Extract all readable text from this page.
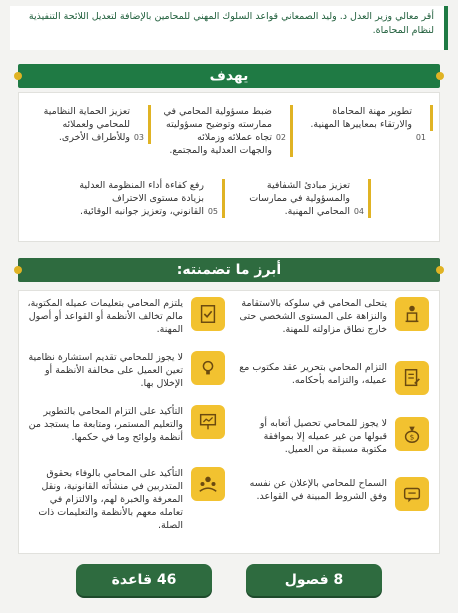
أقر معالي وزير العدل د. وليد الصمعاني قواعد السلوك المهني للمحامين بالإضافة لتعديل اللائحة التنفيذية لنظام المحاماة.
يهدف
01
تطوير مهنة المحاماة والارتقاء بمعاييرها المهنية.
02
ضبط مسؤولية المحامي في ممارسته وتوضيح مسؤوليته تجاه عملائه وزملائه والجهات العدلية والمجتمع.
03
تعزيز الحماية النظامية للمحامي ولعملائه وللأطراف الأخرى.
04
تعزيز مبادئ الشفافية والمسؤولية في ممارسات المحامي المهنية.
05
رفع كفاءة أداء المنظومة العدلية بزيادة مستوى الاحتراف القانوني، وتعزيز جوانبه الوقائية.
أبرز ما تضمنته:
يتحلى المحامي في سلوكه بالاستقامة والنزاهة على المستوى الشخصي حتى خارج نطاق مزاولته للمهنة.
التزام المحامي بتحرير عقد مكتوب مع عميله، والتزامه بأحكامه.
$
لا يجوز للمحامي تحصيل أتعابه أو قبولها من غير عميله إلا بموافقة مكتوبة مسبقة من العميل.
السماح للمحامي بالإعلان عن نفسه وفق الشروط المبينة في القواعد.
يلتزم المحامي بتعليمات عميله المكتوبة، مالم تخالف الأنظمة أو القواعد أو أصول المهنة.
لا يجوز للمحامي تقديم استشارة نظامية تعين العميل على مخالفة الأنظمة أو الإخلال بها.
التأكيد على التزام المحامي بالتطوير والتعليم المستمر، ومتابعة ما يستجد من أنظمة ولوائح وما في حكمها.
التأكيد على المحامي بالوفاء بحقوق المتدربين في منشأته القانونية، ونقل المعرفة والخبرة لهم، والالتزام في تعامله معهم بالأنظمة والتعليمات ذات الصلة.
8 فصول
46 قاعدة
